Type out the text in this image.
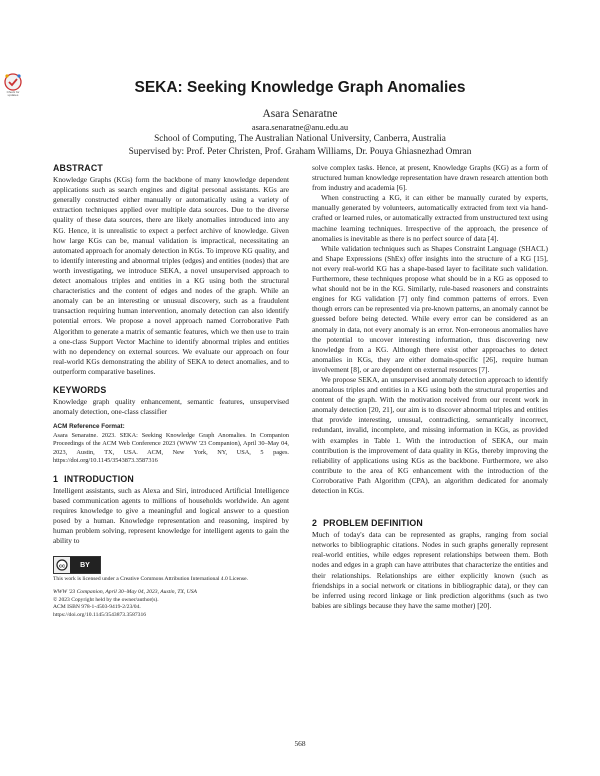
Check for updates	SEKA: Seeking Knowledge Graph Anomalies

Asara Senaratne

asara.senaratne@anu.edu.au

School of Computing, The Australian National University, Canberra, Australia

Supervised by: Prof. Peter Christen, Prof. Graham Williams, Dr. Pouya Ghiasnezhad Omran

ABSTRACT

Knowledge Graphs (KGs) form the backbone of many knowledge dependent applications such as search engines and digital personal assistants. KGs are generally constructed either manually or automatically using a variety of extraction techniques applied over multiple data sources. Due to the diverse quality of these data sources, there are likely anomalies introduced into any KG. Hence, it is unrealistic to expect a perfect archive of knowledge. Given how large KGs can be, manual validation is impractical, necessitating an automated approach for anomaly detection in KGs. To improve KG quality, and to identify interesting and abnormal triples (edges) and entities (nodes) that are worth investigating, we introduce SEKA, a novel unsupervised approach to detect anomalous triples and entities in a KG using both the structural characteristics and the content of edges and nodes of the graph. While an anomaly can be an interesting or unusual discovery, such as a fraudulent transaction requiring human intervention, anomaly detection can also identify potential errors. We propose a novel approach named Corroborative Path Algorithm to generate a matrix of semantic features, which we then use to train a one-class Support Vector Machine to identify abnormal triples and entities with no dependency on external sources. We evaluate our approach on four real-world KGs demonstrating the ability of SEKA to detect anomalies, and to outperform comparative baselines.

KEYWORDS

Knowledge graph quality enhancement, semantic features, unsupervised anomaly detection, one-class classifier

ACM Reference Format:

Asara Senaratne. 2023. SEKA: Seeking Knowledge Graph Anomalies. In Companion Proceedings of the ACM Web Conference 2023 (WWW '23 Companion), April 30–May 04, 2023, Austin, TX, USA. ACM, New York, NY, USA, 5 pages. https://doi.org/10.1145/3543873.3587316

1 INTRODUCTION

Intelligent assistants, such as Alexa and Siri, introduced Artificial Intelligence based communication agents to millions of households worldwide. An agent requires knowledge to give a meaningful and logical answer to a question posed by a human. Knowledge representation and reasoning, inspired by human problem solving, represent knowledge for intelligent agents to gain the ability to

cc	BY

This work is licensed under a Creative Commons Attribution International 4.0 License.

WWW '23 Companion, April 30–May 04, 2023, Austin, TX, USA

© 2023 Copyright held by the owner/author(s).

ACM ISBN 978-1-4503-9419-2/23/04.

https://doi.org/10.1145/3543873.3587316

solve complex tasks. Hence, at present, Knowledge Graphs (KG) as a form of structured human knowledge representation have drawn research attention both from industry and academia [6].

When constructing a KG, it can either be manually curated by experts, manually generated by volunteers, automatically extracted from text via hand-crafted or learned rules, or automatically extracted from unstructured text using machine learning techniques. Irrespective of the approach, the presence of anomalies is inevitable as there is no perfect source of data [4].

While validation techniques such as Shapes Constraint Language (SHACL) and Shape Expressions (ShEx) offer insights into the structure of a KG [15], not every real-world KG has a shape-based layer to facilitate such validation. Furthermore, these techniques propose what should be in a KG as opposed to what should not be in the KG. Similarly, rule-based reasoners and constraints engines for KG validation [7] only find common patterns of errors. Even though errors can be represented via pre-known patterns, an anomaly cannot be guessed before being detected. While every error can be considered as an anomaly in data, not every anomaly is an error. Non-erroneous anomalies have the potential to uncover interesting information, thus discovering new knowledge from a KG. Although there exist other approaches to detect anomalies in KGs, they are either domain-specific [26], require human involvement [8], or are dependent on external resources [7].

We propose SEKA, an unsupervised anomaly detection approach to identify anomalous triples and entities in a KG using both the structural properties and content of the graph. With the motivation received from our recent work in anomaly detection [20, 21], our aim is to discover abnormal triples and entities that provide interesting, unusual, contradicting, semantically incorrect, redundant, invalid, incomplete, and missing information in KGs, as provided with examples in Table 1. With the introduction of SEKA, our main contribution is the improvement of data quality in KGs, thereby improving the reliability of applications using KGs as the backbone. Furthermore, we also contribute to the area of KG enhancement with the introduction of the Corroborative Path Algorithm (CPA), an algorithm dedicated for anomaly detection in KGs.

2 PROBLEM DEFINITION

Much of today's data can be represented as graphs, ranging from social networks to bibliographic citations. Nodes in such graphs generally represent real-world entities, while edges represent relationships between them. Both nodes and edges in a graph can have attributes that characterize the entities and their relationships. Relationships are either explicitly known (such as friendships in a social network or citations in bibliographic data), or they can be inferred using record linkage or link prediction algorithms (such as two babies are siblings because they have the same mother) [20].

568
